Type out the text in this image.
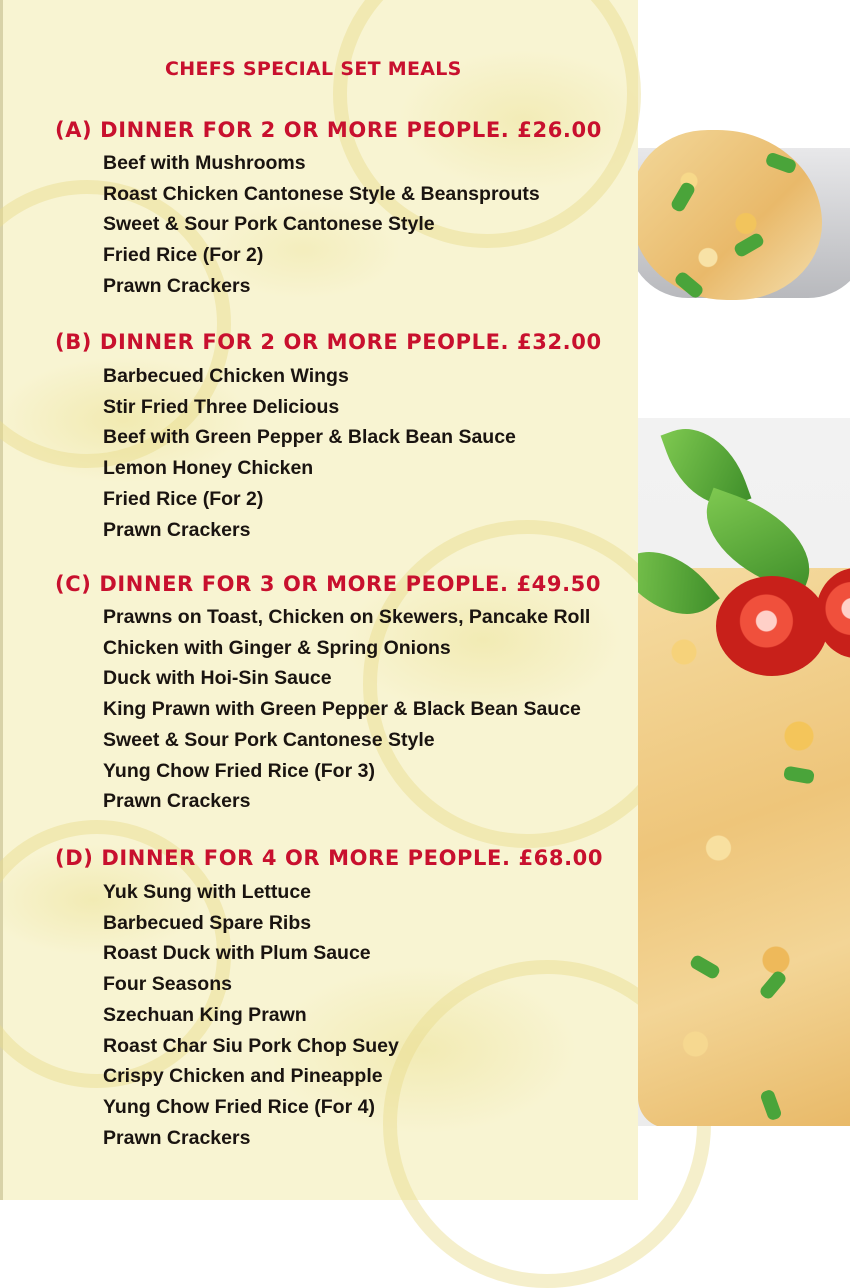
CHEFS SPECIAL SET MEALS
(A) DINNER FOR 2 OR MORE PEOPLE. £26.00
Beef with Mushrooms
Roast Chicken Cantonese Style & Beansprouts
Sweet & Sour Pork Cantonese Style
Fried Rice (For 2)
Prawn Crackers
(B) DINNER FOR 2 OR MORE PEOPLE. £32.00
Barbecued Chicken Wings
Stir Fried Three Delicious
Beef with Green Pepper & Black Bean Sauce
Lemon Honey Chicken
Fried Rice (For 2)
Prawn Crackers
(C) DINNER FOR 3 OR MORE PEOPLE. £49.50
Prawns on Toast, Chicken on Skewers, Pancake Roll
Chicken with Ginger & Spring Onions
Duck with Hoi-Sin Sauce
King Prawn with Green Pepper & Black Bean Sauce
Sweet & Sour Pork Cantonese Style
Yung Chow Fried Rice (For 3)
Prawn Crackers
(D) DINNER FOR 4 OR MORE PEOPLE. £68.00
Yuk Sung with Lettuce
Barbecued Spare Ribs
Roast Duck with Plum Sauce
Four Seasons
Szechuan King Prawn
Roast Char Siu Pork Chop Suey
Crispy Chicken and Pineapple
Yung Chow Fried Rice (For 4)
Prawn Crackers
